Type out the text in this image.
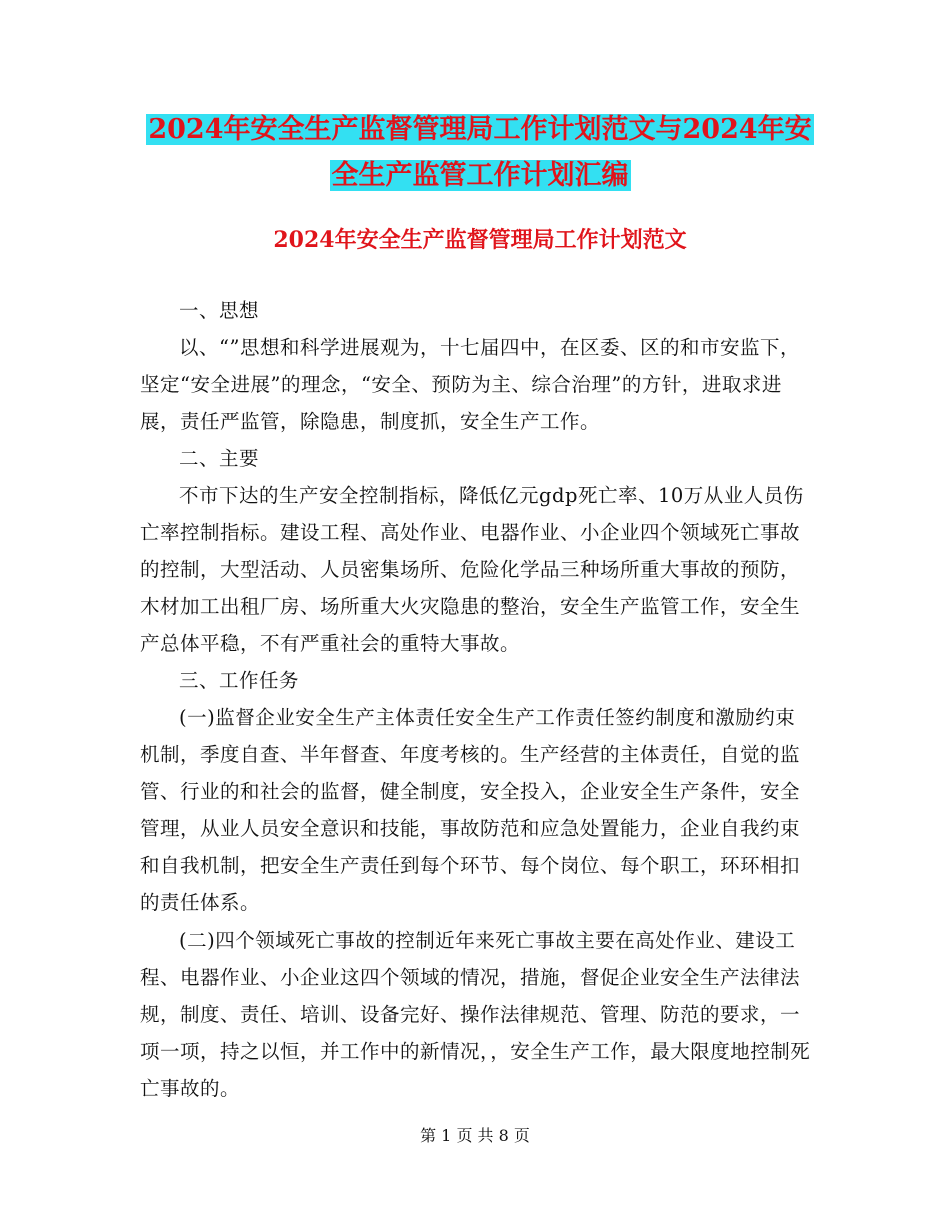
2024年安全生产监督管理局工作计划范文与2024年安
全生产监管工作计划汇编
2024年安全生产监督管理局工作计划范文

一、思想

以、“”思想和科学进展观为，十七届四中，在区委、区的和市安监下，坚定“安全进展”的理念，“安全、预防为主、综合治理”的方针，进取求进展，责任严监管，除隐患，制度抓，安全生产工作。

二、主要

不市下达的生产安全控制指标，降低亿元gdp死亡率、10万从业人员伤亡率控制指标。建设工程、高处作业、电器作业、小企业四个领域死亡事故的控制，大型活动、人员密集场所、危险化学品三种场所重大事故的预防，木材加工出租厂房、场所重大火灾隐患的整治，安全生产监管工作，安全生产总体平稳，不有严重社会的重特大事故。

三、工作任务

(一)监督企业安全生产主体责任安全生产工作责任签约制度和激励约束机制，季度自查、半年督查、年度考核的。生产经营的主体责任，自觉的监管、行业的和社会的监督，健全制度，安全投入，企业安全生产条件，安全管理，从业人员安全意识和技能，事故防范和应急处置能力，企业自我约束和自我机制，把安全生产责任到每个环节、每个岗位、每个职工，环环相扣的责任体系。

(二)四个领域死亡事故的控制近年来死亡事故主要在高处作业、建设工程、电器作业、小企业这四个领域的情况，措施，督促企业安全生产法律法规，制度、责任、培训、设备完好、操作法律规范、管理、防范的要求，一项一项，持之以恒，并工作中的新情况，，安全生产工作，最大限度地控制死亡事故的。

第 1 页 共 8 页
